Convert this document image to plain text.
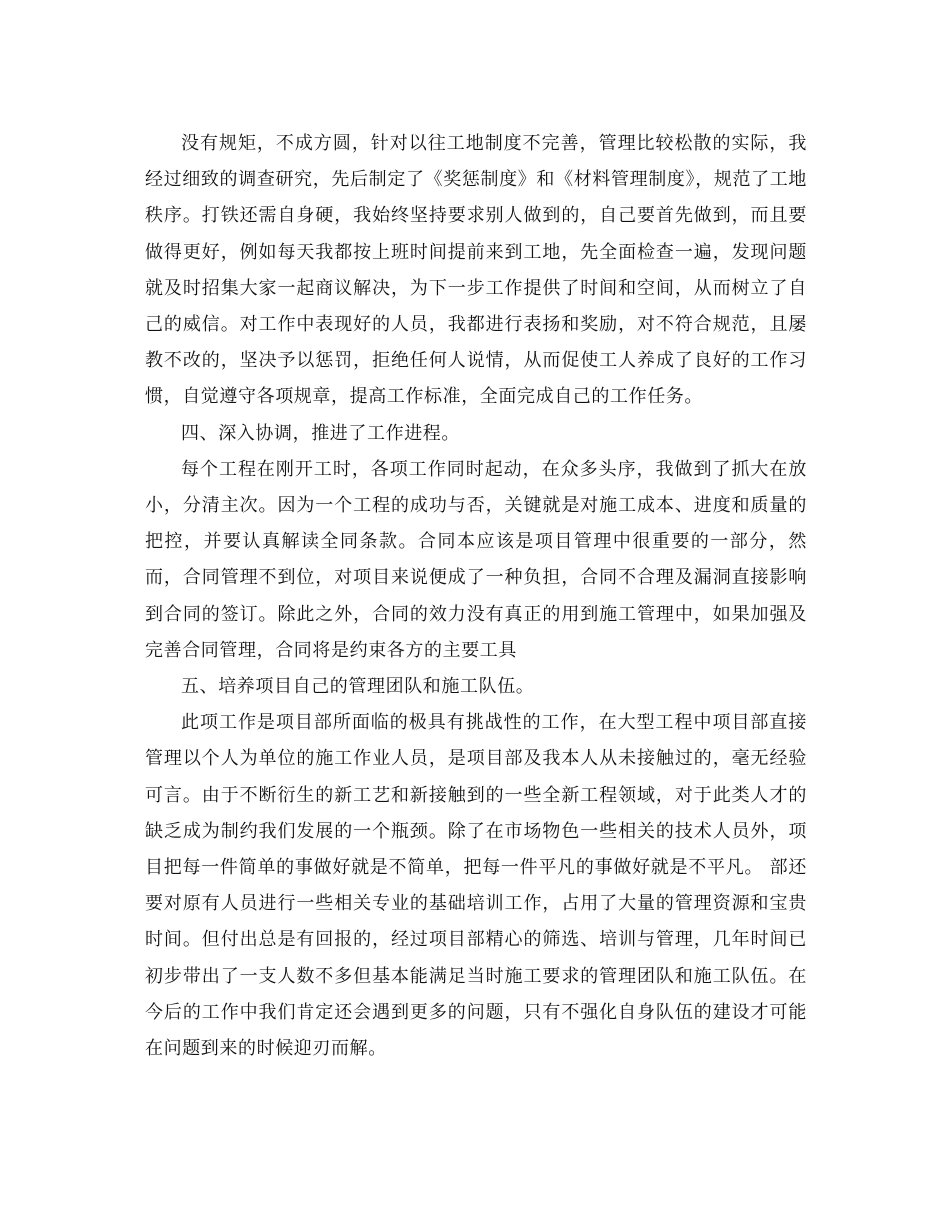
没有规矩，不成方圆，针对以往工地制度不完善，管理比较松散的实际，我经过细致的调查研究，先后制定了《奖惩制度》和《材料管理制度》，规范了工地秩序。打铁还需自身硬，我始终坚持要求别人做到的，自己要首先做到，而且要做得更好，例如每天我都按上班时间提前来到工地，先全面检查一遍，发现问题就及时招集大家一起商议解决，为下一步工作提供了时间和空间，从而树立了自己的威信。对工作中表现好的人员，我都进行表扬和奖励，对不符合规范，且屡教不改的，坚决予以惩罚，拒绝任何人说情，从而促使工人养成了良好的工作习惯，自觉遵守各项规章，提高工作标准，全面完成自己的工作任务。

四、深入协调，推进了工作进程。

每个工程在刚开工时，各项工作同时起动，在众多头序，我做到了抓大在放小，分清主次。因为一个工程的成功与否，关键就是对施工成本、进度和质量的把控，并要认真解读全同条款。合同本应该是项目管理中很重要的一部分，然而，合同管理不到位，对项目来说便成了一种负担，合同不合理及漏洞直接影响到合同的签订。除此之外，合同的效力没有真正的用到施工管理中，如果加强及完善合同管理，合同将是约束各方的主要工具

五、培养项目自己的管理团队和施工队伍。

此项工作是项目部所面临的极具有挑战性的工作，在大型工程中项目部直接管理以个人为单位的施工作业人员，是项目部及我本人从未接触过的，毫无经验可言。由于不断衍生的新工艺和新接触到的一些全新工程领域，对于此类人才的缺乏成为制约我们发展的一个瓶颈。除了在市场物色一些相关的技术人员外，项目把每一件简单的事做好就是不简单，把每一件平凡的事做好就是不平凡。 部还要对原有人员进行一些相关专业的基础培训工作，占用了大量的管理资源和宝贵时间。但付出总是有回报的，经过项目部精心的筛选、培训与管理，几年时间已初步带出了一支人数不多但基本能满足当时施工要求的管理团队和施工队伍。在今后的工作中我们肯定还会遇到更多的问题，只有不强化自身队伍的建设才可能在问题到来的时候迎刃而解。
